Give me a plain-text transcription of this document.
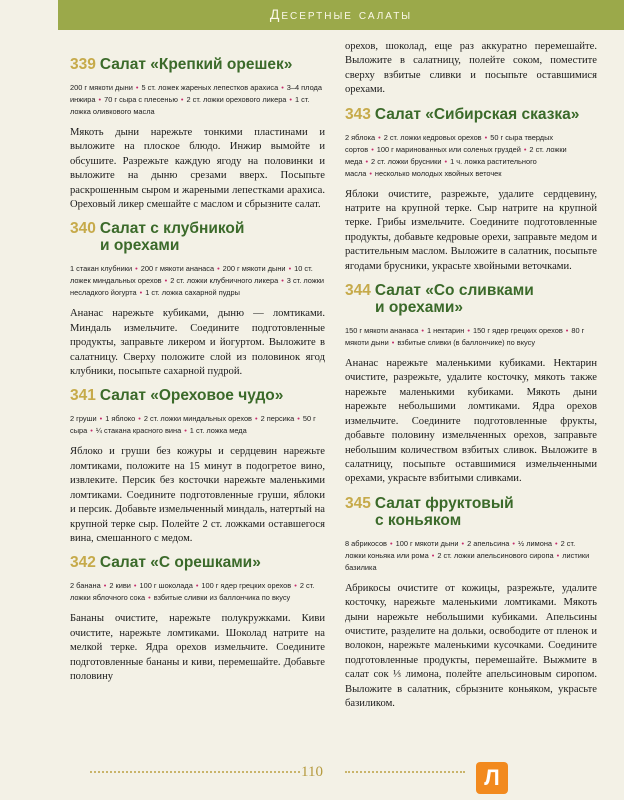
Десертные салаты
339 Салат «Крепкий орешек»
200 г мякоти дыни • 5 ст. ложек жареных лепестков арахиса • 3–4 плода инжира • 70 г сыра с плесенью • 2 ст. ложки орехового ликера • 1 ст. ложка оливкового масла
Мякоть дыни нарежьте тонкими пластинами и выложите на плоское блюдо. Инжир вымойте и обсушите. Разрежьте каждую ягоду на половинки и выложите на дыню срезами вверх. Посыпьте раскрошенным сыром и жареными лепестками арахиса. Ореховый ликер смешайте с маслом и сбрызните салат.
340 Салат с клубникой
и орехами
1 стакан клубники • 200 г мякоти ананаса • 200 г мякоти дыни • 10 ст. ложек миндальных орехов • 2 ст. ложки клубничного ликера • 3 ст. ложки несладкого йогурта • 1 ст. ложка сахарной пудры
Ананас нарежьте кубиками, дыню — ломтиками. Миндаль измельчите. Соедините подготовленные продукты, заправьте ликером и йогуртом. Выложите в салатницу. Сверху положите слой из половинок ягод клубники, посыпьте сахарной пудрой.
341 Салат «Ореховое чудо»
2 груши • 1 яблоко • 2 ст. ложки миндальных орехов • 2 персика • 50 г сыра • ¼ стакана красного вина • 1 ст. ложка меда
Яблоко и груши без кожуры и сердцевин нарежьте ломтиками, положите на 15 минут в подогретое вино, извлеките. Персик без косточки нарежьте маленькими ломтиками. Соедините подготовленные груши, яблоки и персик. Добавьте измельченный миндаль, натертый на крупной терке сыр. Полейте 2 ст. ложками оставшегося вина, смешанного с медом.
342 Салат «С орешками»
2 банана • 2 киви • 100 г шоколада • 100 г ядер грецких орехов • 2 ст. ложки яблочного сока • взбитые сливки из баллончика по вкусу
Бананы очистите, нарежьте полукружками. Киви очистите, нарежьте ломтиками. Шоколад натрите на мелкой терке. Ядра орехов измельчите. Соедините подготовленные бананы и киви, перемешайте. Добавьте половину
орехов, шоколад, еще раз аккуратно перемешайте. Выложите в салатницу, полейте соком, поместите сверху взбитые сливки и посыпьте оставшимися орехами.
343 Салат «Сибирская сказка»
2 яблока • 2 ст. ложки кедровых орехов • 50 г сыра твердых сортов • 100 г маринованных или соленых груздей • 2 ст. ложки меда • 2 ст. ложки брусники • 1 ч. ложка растительного масла • несколько молодых хвойных веточек
Яблоки очистите, разрежьте, удалите сердцевину, натрите на крупной терке. Сыр натрите на крупной терке. Грибы измельчите. Соедините подготовленные продукты, добавьте кедровые орехи, заправьте медом и растительным маслом. Выложите в салатник, посыпьте ягодами брусники, украсьте хвойными веточками.
344 Салат «Со сливками
и орехами»
150 г мякоти ананаса • 1 нектарин • 150 г ядер грецких орехов • 80 г мякоти дыни • взбитые сливки (в баллончике) по вкусу
Ананас нарежьте маленькими кубиками. Нектарин очистите, разрежьте, удалите косточку, мякоть также нарежьте маленькими кубиками. Мякоть дыни нарежьте небольшими ломтиками. Ядра орехов измельчите. Соедините подготовленные фрукты, добавьте половину измельченных орехов, заправьте небольшим количеством взбитых сливок. Выложите в салатницу, посыпьте оставшимися измельченными орехами, украсьте взбитыми сливками.
345 Салат фруктовый
с коньяком
8 абрикосов • 100 г мякоти дыни • 2 апельсина • ½ лимона • 2 ст. ложки коньяка или рома • 2 ст. ложки апельсинового сиропа • листики базилика
Абрикосы очистите от кожицы, разрежьте, удалите косточку, нарежьте маленькими ломтиками. Мякоть дыни нарежьте небольшими кубиками. Апельсины очистите, разделите на дольки, освободите от пленок и волокон, нарежьте маленькими кусочками. Соедините подготовленные продукты, перемешайте. Выжмите в салат сок ⅓ лимона, полейте апельсиновым сиропом. Выложите в салатник, сбрызните коньяком, украсьте базиликом.
110	Л
